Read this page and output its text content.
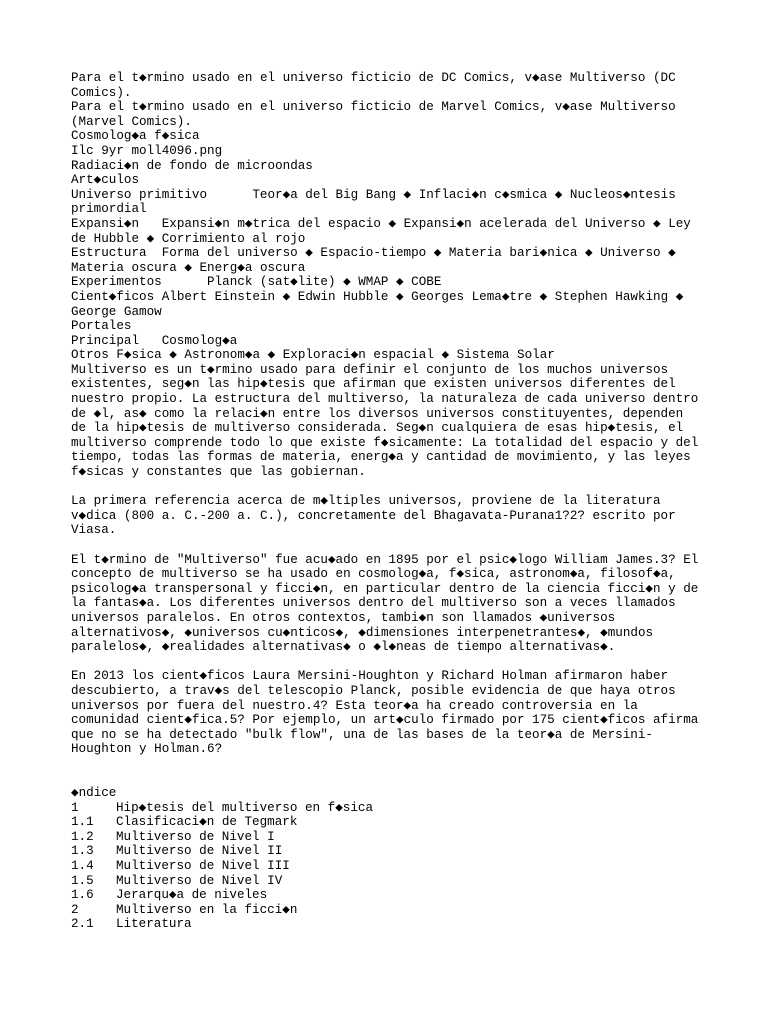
Para el t◆rmino usado en el universo ficticio de DC Comics, v◆ase Multiverso (DC
Comics).
Para el t◆rmino usado en el universo ficticio de Marvel Comics, v◆ase Multiverso
(Marvel Comics).
Cosmolog◆a f◆sica
Ilc 9yr moll4096.png
Radiaci◆n de fondo de microondas
Art◆culos
Universo primitivo      Teor◆a del Big Bang ◆ Inflaci◆n c◆smica ◆ Nucleos◆ntesis
primordial
Expansi◆n   Expansi◆n m◆trica del espacio ◆ Expansi◆n acelerada del Universo ◆ Ley
de Hubble ◆ Corrimiento al rojo
Estructura  Forma del universo ◆ Espacio-tiempo ◆ Materia bari◆nica ◆ Universo ◆
Materia oscura ◆ Energ◆a oscura
Experimentos      Planck (sat◆lite) ◆ WMAP ◆ COBE
Cient◆ficos Albert Einstein ◆ Edwin Hubble ◆ Georges Lema◆tre ◆ Stephen Hawking ◆
George Gamow
Portales
Principal   Cosmolog◆a
Otros F◆sica ◆ Astronom◆a ◆ Exploraci◆n espacial ◆ Sistema Solar
Multiverso es un t◆rmino usado para definir el conjunto de los muchos universos
existentes, seg◆n las hip◆tesis que afirman que existen universos diferentes del
nuestro propio. La estructura del multiverso, la naturaleza de cada universo dentro
de ◆l, as◆ como la relaci◆n entre los diversos universos constituyentes, dependen
de la hip◆tesis de multiverso considerada. Seg◆n cualquiera de esas hip◆tesis, el
multiverso comprende todo lo que existe f◆sicamente: La totalidad del espacio y del
tiempo, todas las formas de materia, energ◆a y cantidad de movimiento, y las leyes
f◆sicas y constantes que las gobiernan.
La primera referencia acerca de m◆ltiples universos, proviene de la literatura
v◆dica (800 a. C.-200 a. C.), concretamente del Bhagavata-Purana1?2? escrito por
Viasa.
El t◆rmino de "Multiverso" fue acu◆ado en 1895 por el psic◆logo William James.3? El
concepto de multiverso se ha usado en cosmolog◆a, f◆sica, astronom◆a, filosof◆a,
psicolog◆a transpersonal y ficci◆n, en particular dentro de la ciencia ficci◆n y de
la fantas◆a. Los diferentes universos dentro del multiverso son a veces llamados
universos paralelos. En otros contextos, tambi◆n son llamados ◆universos
alternativos◆, ◆universos cu◆nticos◆, ◆dimensiones interpenetrantes◆, ◆mundos
paralelos◆, ◆realidades alternativas◆ o ◆l◆neas de tiempo alternativas◆.
En 2013 los cient◆ficos Laura Mersini-Houghton y Richard Holman afirmaron haber
descubierto, a trav◆s del telescopio Planck, posible evidencia de que haya otros
universos por fuera del nuestro.4? Esta teor◆a ha creado controversia en la
comunidad cient◆fica.5? Por ejemplo, un art◆culo firmado por 175 cient◆ficos afirma
que no se ha detectado "bulk flow", una de las bases de la teor◆a de Mersini-
Houghton y Holman.6?
◆ndice
1	Hip◆tesis del multiverso en f◆sica
1.1 Clasificaci◆n de Tegmark
1.2 Multiverso de Nivel I
1.3 Multiverso de Nivel II
1.4 Multiverso de Nivel III
1.5 Multiverso de Nivel IV
1.6 Jerarqu◆a de niveles
2	Multiverso en la ficci◆n
2.1 Literatura
